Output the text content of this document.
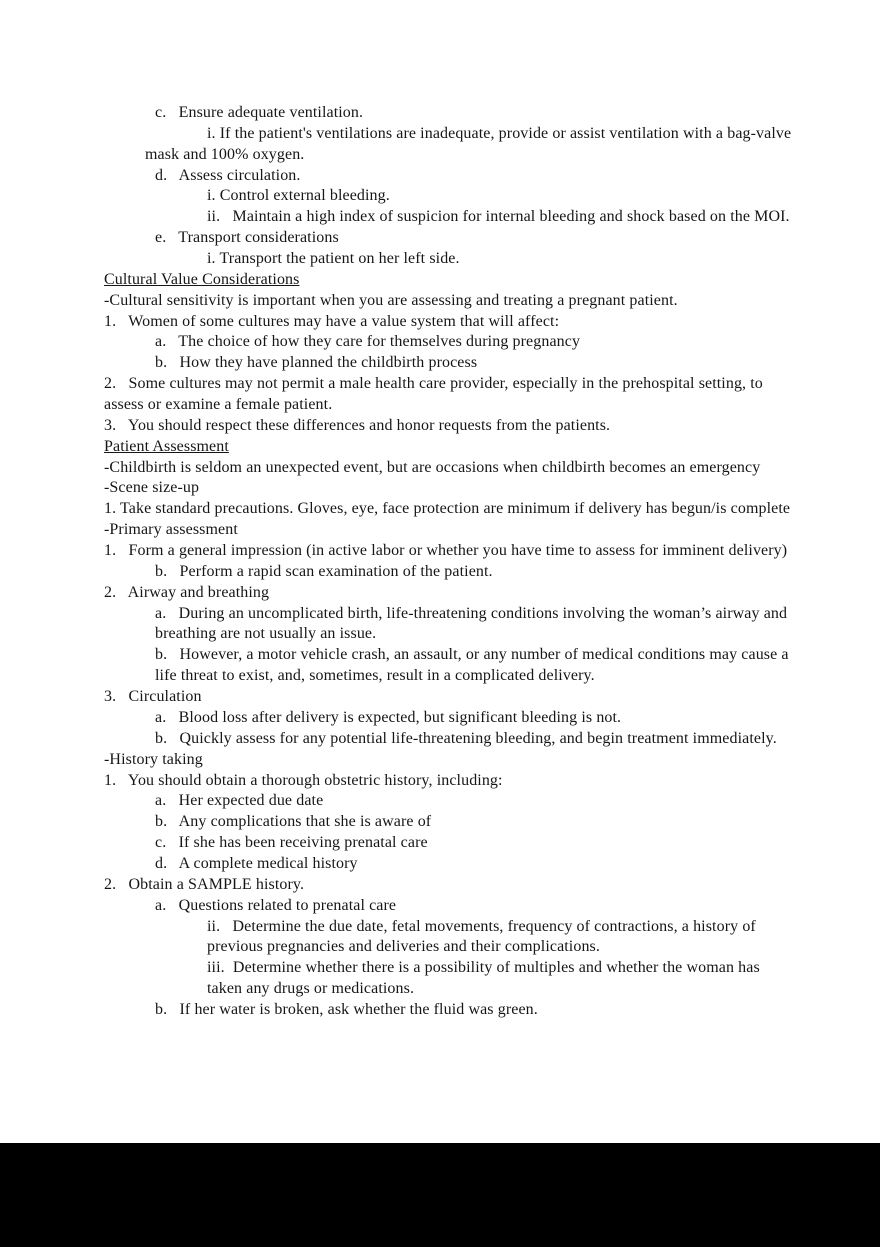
c.   Ensure adequate ventilation.
i. If the patient's ventilations are inadequate, provide or assist ventilation with a bag-valve
mask and 100% oxygen.
d.   Assess circulation.
i. Control external bleeding.
ii.   Maintain a high index of suspicion for internal bleeding and shock based on the MOI.
e.   Transport considerations
i. Transport the patient on her left side.
Cultural Value Considerations
-Cultural sensitivity is important when you are assessing and treating a pregnant patient.
1.   Women of some cultures may have a value system that will affect:
a.   The choice of how they care for themselves during pregnancy
b.   How they have planned the childbirth process
2.   Some cultures may not permit a male health care provider, especially in the prehospital setting, to
assess or examine a female patient.
3.   You should respect these differences and honor requests from the patients.
Patient Assessment
-Childbirth is seldom an unexpected event, but are occasions when childbirth becomes an emergency
-Scene size-up
1. Take standard precautions. Gloves, eye, face protection are minimum if delivery has begun/is complete
-Primary assessment
1.   Form a general impression (in active labor or whether you have time to assess for imminent delivery)
b.   Perform a rapid scan examination of the patient.
2.   Airway and breathing
a.   During an uncomplicated birth, life-threatening conditions involving the woman’s airway and
breathing are not usually an issue.
b.   However, a motor vehicle crash, an assault, or any number of medical conditions may cause a
life threat to exist, and, sometimes, result in a complicated delivery.
3.   Circulation
a.   Blood loss after delivery is expected, but significant bleeding is not.
b.   Quickly assess for any potential life-threatening bleeding, and begin treatment immediately.
-History taking
1.   You should obtain a thorough obstetric history, including:
a.   Her expected due date
b.   Any complications that she is aware of
c.   If she has been receiving prenatal care
d.   A complete medical history
2.   Obtain a SAMPLE history.
a.   Questions related to prenatal care
ii.   Determine the due date, fetal movements, frequency of contractions, a history of
previous pregnancies and deliveries and their complications.
iii.  Determine whether there is a possibility of multiples and whether the woman has
taken any drugs or medications.
b.   If her water is broken, ask whether the fluid was green.
